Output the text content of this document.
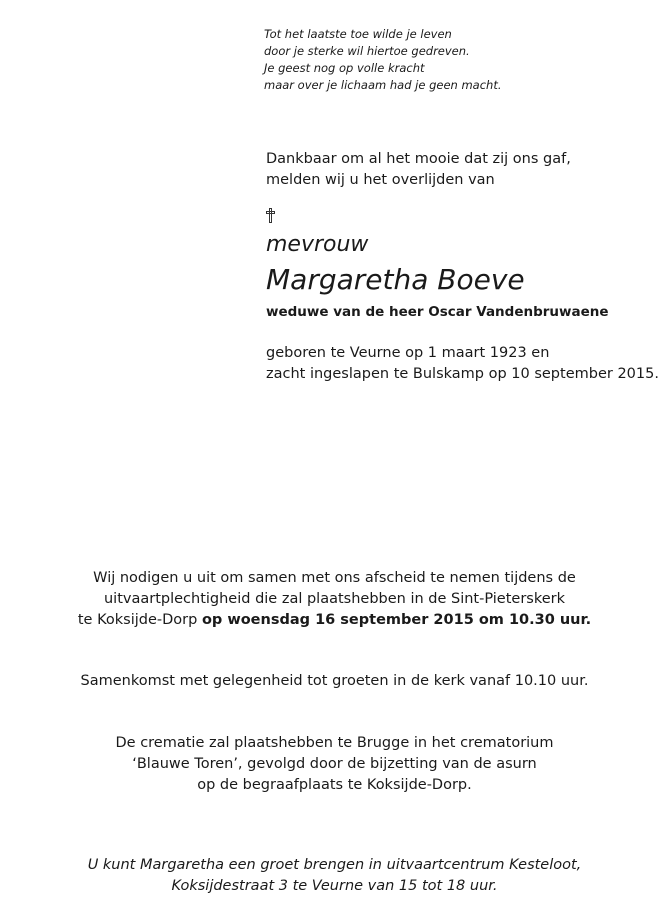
Tot het laatste toe wilde je leven
door je sterke wil hiertoe gedreven.
Je geest nog op volle kracht
maar over je lichaam had je geen macht.
Dankbaar om al het mooie dat zij ons gaf,
melden wij u het overlijden van
mevrouw
Margaretha Boeve
weduwe van de heer Oscar Vandenbruwaene
geboren te Veurne op 1 maart 1923 en
zacht ingeslapen te Bulskamp op 10 september 2015.
Wij nodigen u uit om samen met ons afscheid te nemen tijdens de
uitvaartplechtigheid die zal plaatshebben in de Sint-Pieterskerk
te Koksijde-Dorp op woensdag 16 september 2015 om 10.30 uur.
Samenkomst met gelegenheid tot groeten in de kerk vanaf 10.10 uur.
De crematie zal plaatshebben te Brugge in het crematorium
‘Blauwe Toren’, gevolgd door de bijzetting van de asurn
op de begraafplaats te Koksijde-Dorp.
U kunt Margaretha een groet brengen in uitvaartcentrum Kesteloot,
Koksijdestraat 3 te Veurne van 15 tot 18 uur.
